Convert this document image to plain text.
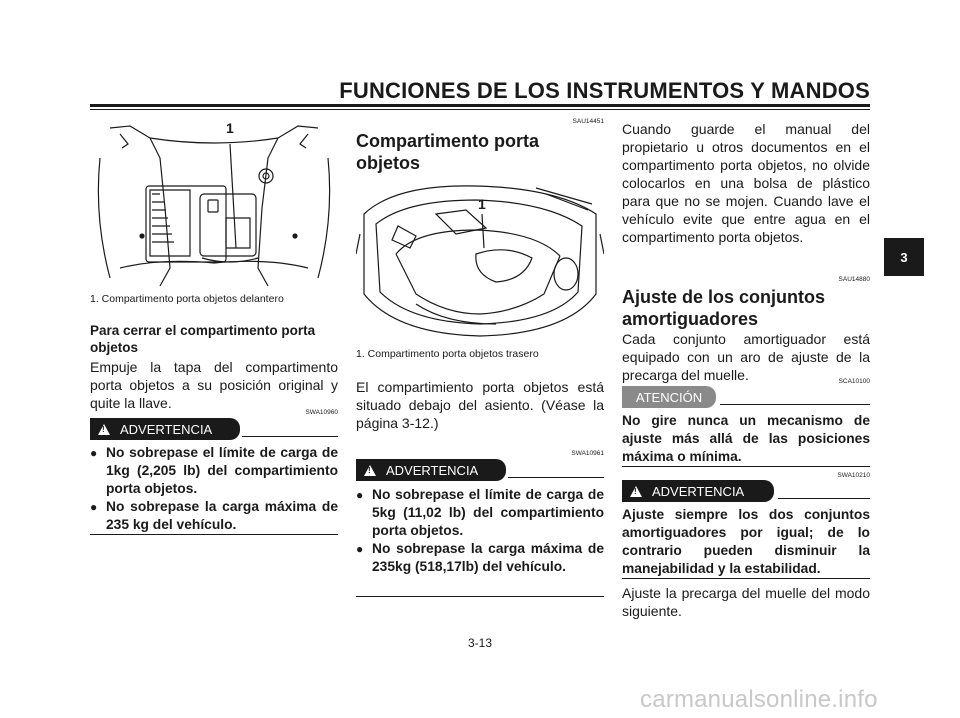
FUNCIONES DE LOS INSTRUMENTOS Y MANDOS
3
1
1. Compartimento porta objetos delantero
Para cerrar el compartimento porta objetos
Empuje la tapa del compartimento porta objetos a su posición original y quite la llave.
SWA10960
!
ADVERTENCIA
● No sobrepase el límite de carga de 1kg (2,205 lb) del compartimiento porta objetos.
● No sobrepase la carga máxima de 235 kg del vehículo.
SAU14451
Compartimento porta objetos
1
1. Compartimento porta objetos trasero
El compartimiento porta objetos está situado debajo del asiento. (Véase la página 3-12.)
SWA10961
!
ADVERTENCIA
● No sobrepase el límite de carga de 5kg (11,02 lb) del compartimiento porta objetos.
● No sobrepase la carga máxima de 235kg (518,17lb) del vehículo.
Cuando guarde el manual del propietario u otros documentos en el compartimento porta objetos, no olvide colocarlos en una bolsa de plástico para que no se mojen. Cuando lave el vehículo evite que entre agua en el compartimento porta objetos.
SAU14880
Ajuste de los conjuntos amortiguadores
Cada conjunto amortiguador está equipado con un aro de ajuste de la precarga del muelle.	SCA10100
ATENCIÓN
No gire nunca un mecanismo de ajuste más allá de las posiciones máxima o mínima.
SWA10210
!
ADVERTENCIA
Ajuste siempre los dos conjuntos amortiguadores por igual; de lo contrario pueden disminuir la manejabilidad y la estabilidad.
Ajuste la precarga del muelle del modo siguiente.
3-13
carmanualsonline.info
